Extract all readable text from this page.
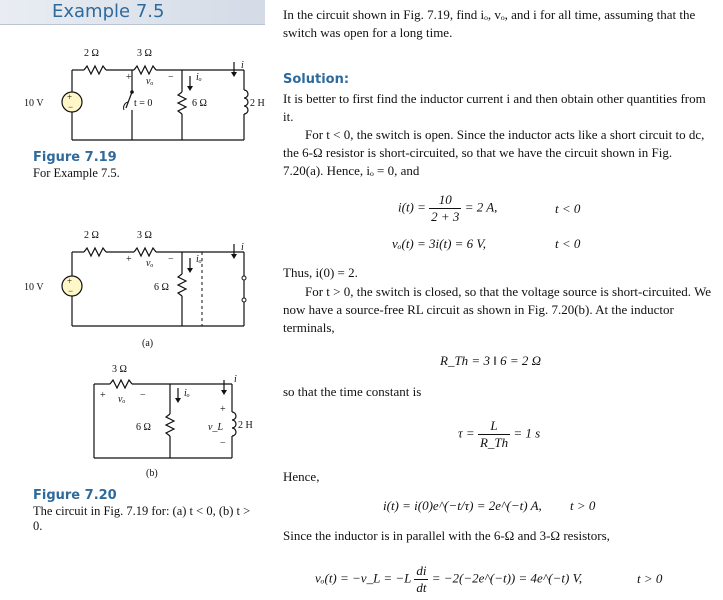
Example 7.5
+
−
10 V
2 Ω	3 Ω
+	−
vₒ
t = 0	6 Ω
iₒ
2 H
i
Figure 7.19
For Example 7.5.
+
−
10 V
2 Ω	3 Ω
+	−
vₒ
6 Ω
iₒ
i
(a)
3 Ω
+	−
vₒ
6 Ω
iₒ
+
v_L
−
2 H
i
(b)
Figure 7.20
The circuit in Fig. 7.19 for: (a) t < 0, (b) t > 0.
In the circuit shown in Fig. 7.19, find iₒ, vₒ, and i for all time, assuming that the switch was open for a long time.
Solution:
It is better to first find the inductor current i and then obtain other quantities from it.
For t < 0, the switch is open. Since the inductor acts like a short circuit to dc, the 6-Ω resistor is short-circuited, so that we have the circuit shown in Fig. 7.20(a). Hence, iₒ = 0, and
$i(t) = \frac{10}{2 + 3} = 2$ A,	t < 0
vₒ(t) = 3i(t) = 6 V,	t < 0
Thus, i(0) = 2.
For t > 0, the switch is closed, so that the voltage source is short-circuited. We now have a source-free RL circuit as shown in Fig. 7.20(b). At the inductor terminals,
R_Th = 3 ‖ 6 = 2 Ω
so that the time constant is
$\tau = \frac{L}{R\_Th} = 1$ s
Hence,
i(t) = i(0)e^(−t/τ) = 2e^(−t) A, t > 0
Since the inductor is in parallel with the 6-Ω and 3-Ω resistors,
vₒ(t) = −v_L = $-L \frac{di}{dt}$ = −2(−2e^(−t)) = 4e^(−t) V,	t > 0
